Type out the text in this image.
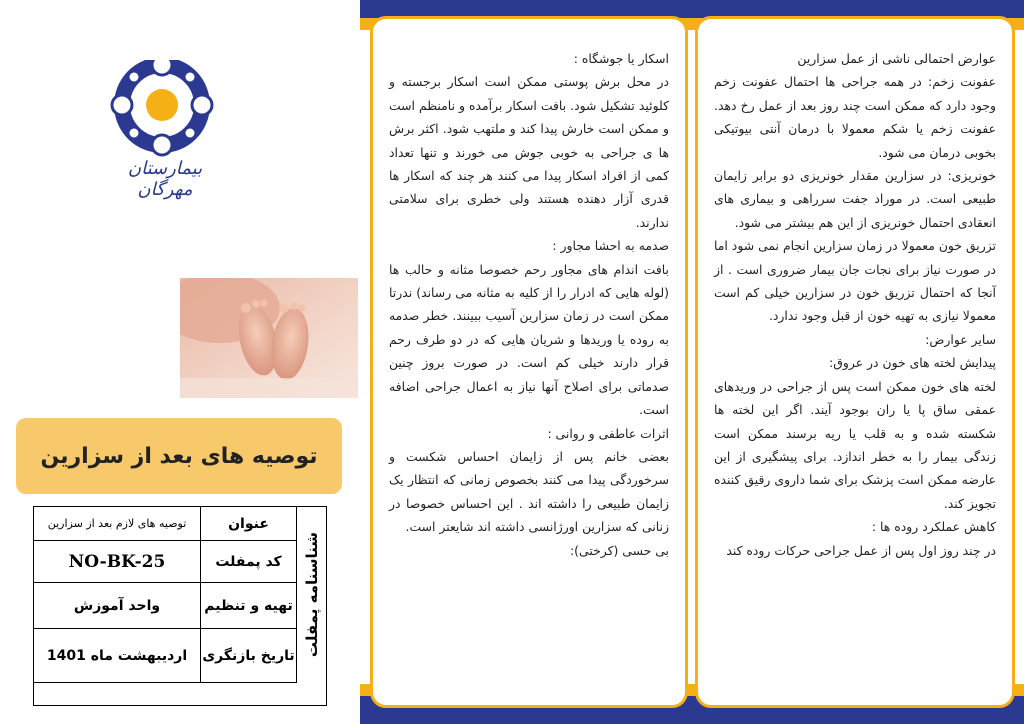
بیمارستان مهرگان
توصیه های بعد از سزارین
شناسنامه پمفلت
عنوان
توصیه های لازم بعد از سزارین
کد پمفلت
NO-BK-25
تهیه و تنظیم
واحد آموزش
تاریخ بازنگری
اردیبهشت ماه 1401

اسکار یا جوشگاه :

در محل برش پوستی ممکن است اسکار برجسته و کلوئید تشکیل شود. بافت اسکار برآمده و نامنظم است و ممکن است خارش پیدا کند و ملتهب شود. اکثر برش ها ی جراحی به خوبی جوش می خورند و تنها تعداد کمی از افراد اسکار پیدا می کنند هر چند که اسکار ها قدری آزار دهنده هستند ولی خطری برای سلامتی ندارند.

صدمه به احشا مجاور :

بافت اندام های مجاور رحم خصوصا مثانه و حالب ها (لوله هایی که ادرار را از کلیه به مثانه می رساند) ندرتا ممکن است در زمان سزارین آسیب ببینند. خطر صدمه به روده یا وریدها و شریان هایی که در دو طرف رحم قرار دارند خیلی کم است. در صورت بروز چنین صدماتی برای اصلاح آنها نیاز به اعمال جراحی اضافه است.

اثرات عاطفی و روانی :

بعضی خانم پس از زایمان احساس شکست و سرخوردگی پیدا می کنند بخصوص زمانی که انتظار یک زایمان طبیعی را داشته اند . این احساس خصوصا در زنانی که سزارین اورژانسی داشته اند شایعتر است.

بی حسی (کرختی):

عوارض احتمالی ناشی از عمل سزارین

عفونت زخم: در همه جراحی ها احتمال عفونت زخم وجود دارد که ممکن است چند روز بعد از عمل رخ دهد. عفونت زخم یا شکم معمولا با درمان آنتی بیوتیکی بخوبی درمان می شود.

خونریزی: در سزارین مقدار خونریزی دو برابر زایمان طبیعی است. در موراد جفت سرراهی و بیماری های انعقادی احتمال خونریزی از این هم بیشتر می شود.

تزریق خون معمولا در زمان سزارین انجام نمی شود اما در صورت نیاز برای نجات جان بیمار ضروری است . از آنجا که احتمال تزریق خون در سزارین خیلی کم است معمولا نیازی به تهیه خون از قبل وجود ندارد.

سایر عوارض:

پیدایش لخته های خون در عروق:

لخته های خون ممکن است پس از جراحی در وریدهای عمقی ساق پا یا ران بوجود آیند. اگر این لخته ها شکسته شده و به قلب یا ریه برسند ممکن است زندگی بیمار را به خطر اندازد. برای پیشگیری از این عارضه ممکن است پزشک برای شما داروی رقیق کننده تجویز کند.

کاهش عملکرد روده ها :

در چند روز اول پس از عمل جراحی حرکات روده کند
